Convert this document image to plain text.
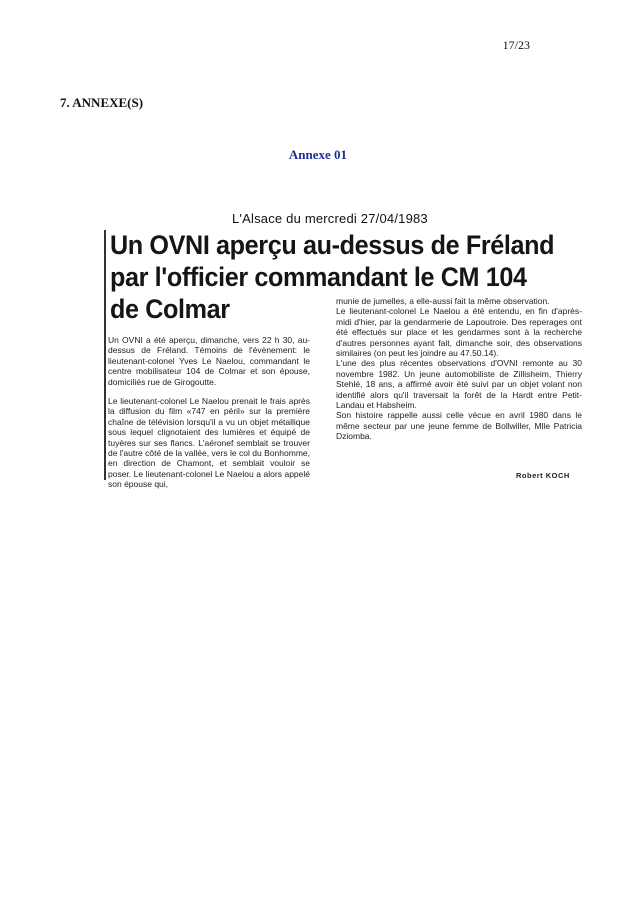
17/23
7. ANNEXE(S)
Annexe 01
L'Alsace du mercredi 27/04/1983
Un OVNI aperçu au-dessus de Fréland
par l'officier commandant le CM 104
de Colmar

Un OVNI a été aperçu, dimanche, vers 22 h 30, au-dessus de Fréland. Témoins de l'évènement: le lieutenant-colonel Yves Le Naelou, commandant le centre mobilisateur 104 de Colmar et son épouse, domiciliés rue de Girogoutte.

Le lieutenant-colonel Le Naelou prenait le frais après la diffusion du film «747 en péril» sur la première chaîne de télévision lorsqu'il a vu un objet métallique sous lequel clignotaient des lumières et équipé de tuyères sur ses flancs. L'aéronef semblait se trouver de l'autre côté de la vallée, vers le col du Bonhomme, en direction de Chamont, et semblait vouloir se poser. Le lieutenant-colonel Le Naelou a alors appelé son épouse qui,

munie de jumelles, a elle-aussi fait la même observation.

Le lieutenant-colonel Le Naelou a été entendu, en fin d'après-midi d'hier, par la gendarmerie de Lapoutroie. Des reperages ont été effectués sur place et les gendarmes sont à la recherche d'autres personnes ayant fait, dimanche soir, des observations similaires (on peut les joindre au 47.50.14).

L'une des plus récentes observations d'OVNI remonte au 30 novembre 1982. Un jeune automobiliste de Zillisheim, Thierry Stehlé, 18 ans, a affirmé avoir été suivi par un objet volant non identifié alors qu'il traversait la forêt de la Hardt entre Petit-Landau et Habsheim.

Son histoire rappelle aussi celle vécue en avril 1980 dans le même secteur par une jeune femme de Bollwiller, Mlle Patricia Dziomba.

Robert KOCH
